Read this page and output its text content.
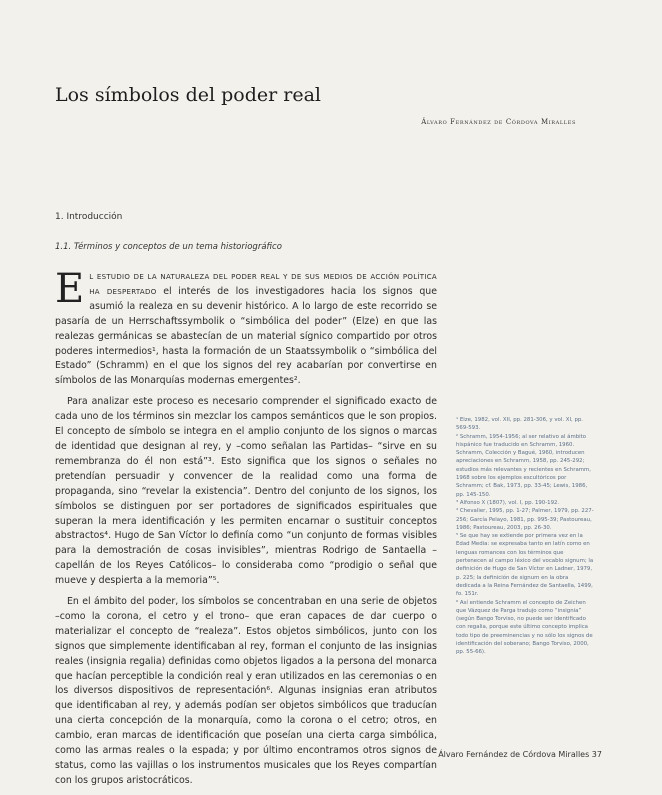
Los símbolos del poder real
Álvaro Fernández de Córdova Miralles
1. Introducción
1.1. Términos y conceptos de un tema historiográfico

El estudio de la naturaleza del poder real y de sus medios de acción política ha despertado el interés de los investigadores hacia los signos que asumió la realeza en su devenir histórico. A lo largo de este recorrido se pasaría de un Herrschaftssymbolik o “simbólica del poder” (Elze) en que las realezas germánicas se abastecían de un material sígnico compartido por otros poderes intermedios¹, hasta la formación de un Staatssymbolik o “simbólica del Estado” (Schramm) en el que los signos del rey acabarían por convertirse en símbolos de las Monarquías modernas emergentes².

Para analizar este proceso es necesario comprender el significado exacto de cada uno de los términos sin mezclar los campos semánticos que le son propios. El concepto de símbolo se integra en el amplio conjunto de los signos o marcas de identidad que designan al rey, y –como señalan las Partidas– “sirve en su remembranza do él non está”³. Esto significa que los signos o señales no pretendían persuadir y convencer de la realidad como una forma de propaganda, sino “revelar la existencia”. Dentro del conjunto de los signos, los símbolos se distinguen por ser portadores de significados espirituales que superan la mera identificación y les permiten encarnar o sustituir conceptos abstractos⁴. Hugo de San Víctor lo definía como “un conjunto de formas visibles para la demostración de cosas invisibles”, mientras Rodrigo de Santaella –capellán de los Reyes Católicos– lo consideraba como “prodigio o señal que mueve y despierta a la memoria”⁵.

En el ámbito del poder, los símbolos se concentraban en una serie de objetos –como la corona, el cetro y el trono– que eran capaces de dar cuerpo o materializar el concepto de “realeza”. Estos objetos simbólicos, junto con los signos que simplemente identificaban al rey, forman el conjunto de las insignias reales (insignia regalia) definidas como objetos ligados a la persona del monarca que hacían perceptible la condición real y eran utilizados en las ceremonias o en los diversos dispositivos de representación⁶. Algunas insignias eran atributos que identificaban al rey, y además podían ser objetos simbólicos que traducían una cierta concepción de la monarquía, como la corona o el cetro; otros, en cambio, eran marcas de identificación que poseían una cierta carga simbólica, como las armas reales o la espada; y por último encontramos otros signos de status, como las vajillas o los instrumentos musicales que los Reyes compartían con los grupos aristocráticos.

¹ Elze, 1982, vol. XII, pp. 281-306, y vol. XI, pp. 569-593.

² Schramm, 1954-1956; al ser relativo al ámbito hispánico fue traducido en Schramm, 1960. Schramm, Colección y Bagué, 1960, introducen apreciaciones en Schramm, 1958, pp. 245-292; estudios más relevantes y recientes en Schramm, 1968 sobre los ejemplos escultóricos por Schramm; cf. Bak, 1973, pp. 33-45; Lewis, 1986, pp. 145-150.

³ Alfonso X (1807), vol. I, pp. 190-192.

⁴ Chevalier, 1995, pp. 1-27; Palmer, 1979, pp. 227-256; García Pelayo, 1981, pp. 995-39; Pastoureau, 1986; Pastoureau, 2003, pp. 26-30.

⁵ Se que hay se extiende por primera vez en la Edad Media: se expresaba tanto en latín como en lenguas romances con los términos que pertenecen al campo léxico del vocablo signum; la definición de Hugo de San Víctor en Ladner, 1979, p. 225; la definición de signum en la obra dedicada a la Reina Fernández de Santaella, 1499, fo. 151r.

⁶ Así entiende Schramm el concepto de Zeichen que Vázquez de Parga tradujo como “insignia” (según Bango Torviso, no puede ser identificado con regalia, porque este último concepto implica todo tipo de preeminencias y no sólo los signos de identificación del soberano; Bango Torviso, 2000, pp. 55-66).

Álvaro Fernández de Córdova Miralles 37
